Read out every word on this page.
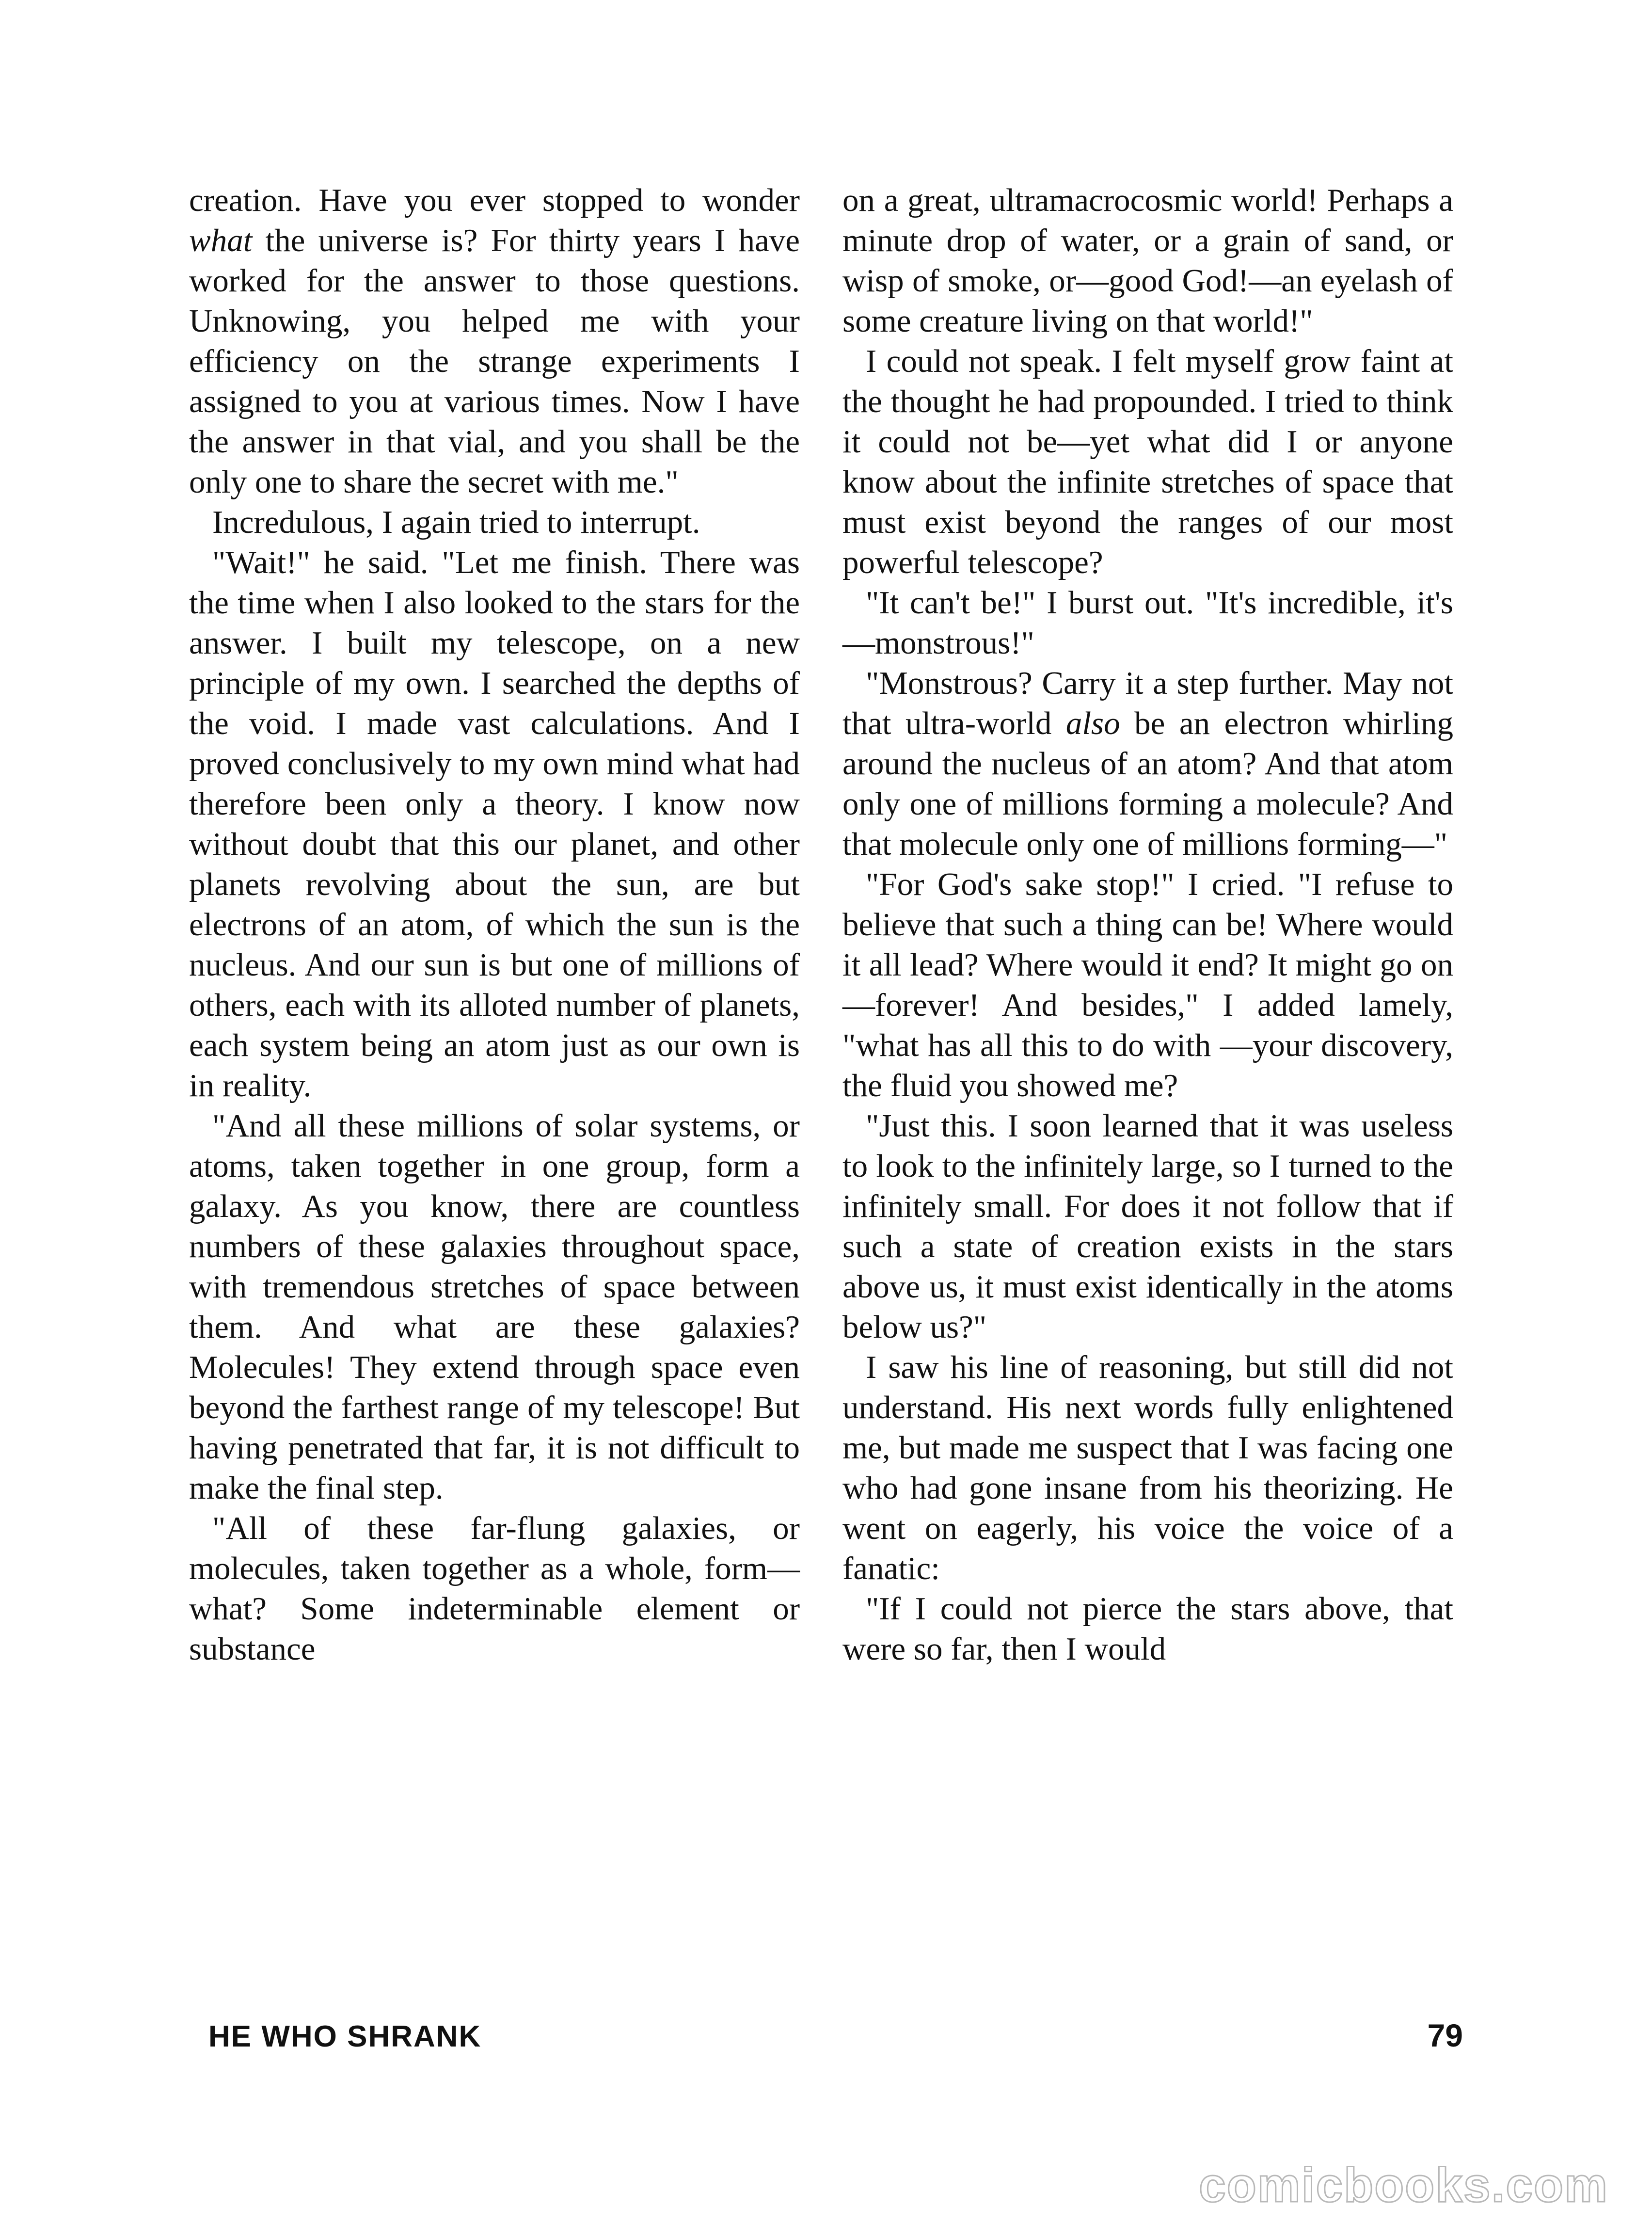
creation. Have you ever stopped to wonder what the universe is? For thirty years I have worked for the answer to those questions. Unknowing, you helped me with your efficiency on the strange experiments I assigned to you at various times. Now I have the answer in that vial, and you shall be the only one to share the secret with me."

Incredulous, I again tried to interrupt.

"Wait!" he said. "Let me finish. There was the time when I also looked to the stars for the answer. I built my telescope, on a new principle of my own. I searched the depths of the void. I made vast calculations. And I proved conclusively to my own mind what had therefore been only a theory. I know now without doubt that this our planet, and other planets revolving about the sun, are but electrons of an atom, of which the sun is the nucleus. And our sun is but one of millions of others, each with its alloted number of planets, each system being an atom just as our own is in reality.

"And all these millions of solar systems, or atoms, taken together in one group, form a galaxy. As you know, there are countless numbers of these galaxies throughout space, with tremendous stretches of space between them. And what are these galaxies? Molecules! They extend through space even beyond the farthest range of my telescope! But having penetrated that far, it is not difficult to make the final step.

"All of these far-flung galaxies, or molecules, taken together as a whole, form—what? Some indeterminable element or substance

on a great, ultramacrocosmic world! Perhaps a minute drop of water, or a grain of sand, or wisp of smoke, or—good God!—an eyelash of some creature living on that world!"

I could not speak. I felt myself grow faint at the thought he had propounded. I tried to think it could not be—yet what did I or anyone know about the infinite stretches of space that must exist beyond the ranges of our most powerful telescope?

"It can't be!" I burst out. "It's incredible, it's—monstrous!"

"Monstrous? Carry it a step further. May not that ultra-world also be an electron whirling around the nucleus of an atom? And that atom only one of millions forming a molecule? And that molecule only one of millions forming—"

"For God's sake stop!" I cried. "I refuse to believe that such a thing can be! Where would it all lead? Where would it end? It might go on —forever! And besides," I added lamely, "what has all this to do with —your discovery, the fluid you showed me?

"Just this. I soon learned that it was useless to look to the infinitely large, so I turned to the infinitely small. For does it not follow that if such a state of creation exists in the stars above us, it must exist identically in the atoms below us?"

I saw his line of reasoning, but still did not understand. His next words fully enlightened me, but made me suspect that I was facing one who had gone insane from his theorizing. He went on eagerly, his voice the voice of a fanatic:

"If I could not pierce the stars above, that were so far, then I would

HE WHO SHRANK	79
comicbooks.com
